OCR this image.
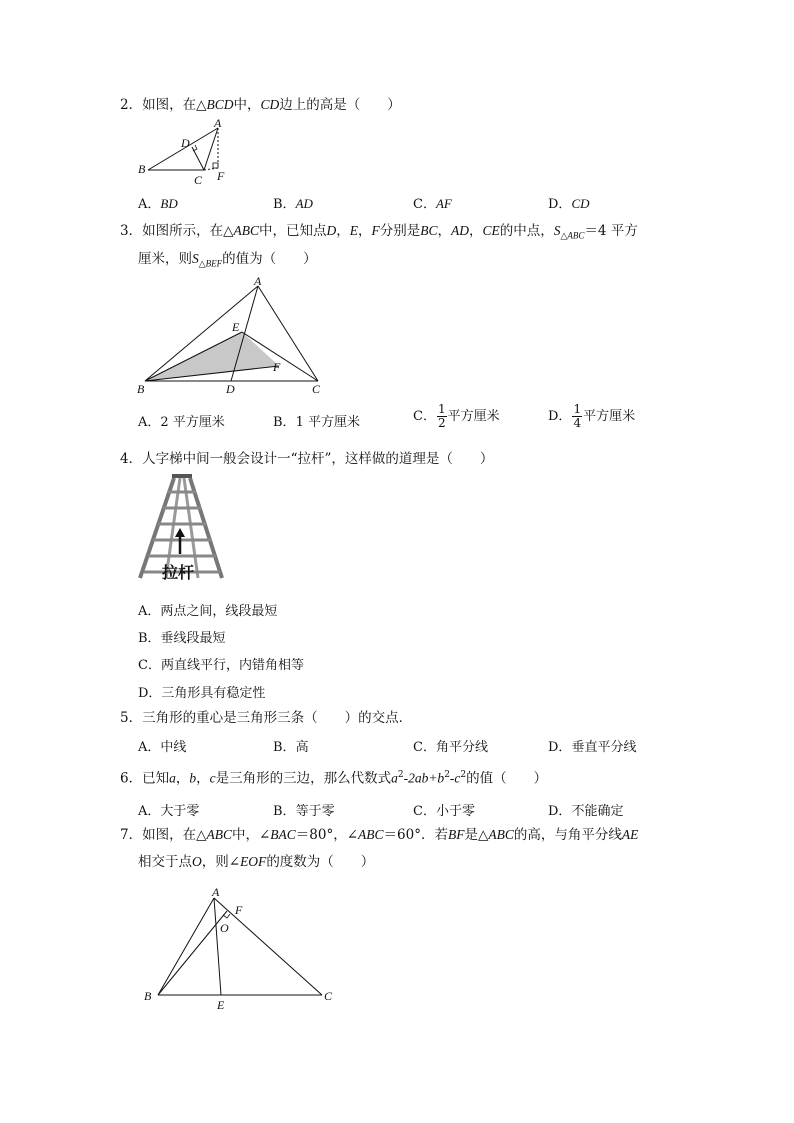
2．如图，在△BCD中，CD边上的高是（　　）
A
B
C
D
F
A．BD	B．AD	C．AF	D．CD
3．如图所示，在△ABC中，已知点D，E，F分别是BC，AD，CE的中点，$S_{\triangle ABC}=4$ 平方
厘米，则$S_{\triangle BEF}$的值为（　　）
A
B	C
D
E
F
A．2 平方厘米	B．1 平方厘米	C． $\frac{1}{2}$ 平方厘米	D． $\frac{1}{4}$ 平方厘米
4．人字梯中间一般会设计一“拉杆”，这样做的道理是（　　）
拉杆
A．两点之间，线段最短
B．垂线段最短
C．两直线平行，内错角相等
D．三角形具有稳定性
5．三角形的重心是三角形三条（　　）的交点．
A．中线	B．高	C．角平分线	D．垂直平分线
6．已知a，b，c是三角形的三边，那么代数式$a^2-2ab+b^2-c^2$的值（　　）
A．大于零	B．等于零	C．小于零	D．不能确定
7．如图，在△ABC中，∠BAC＝80°，∠ABC＝60°．若BF是△ABC的高，与角平分线AE
相交于点O，则∠EOF的度数为（　　）
A
B	C
E
F
O
